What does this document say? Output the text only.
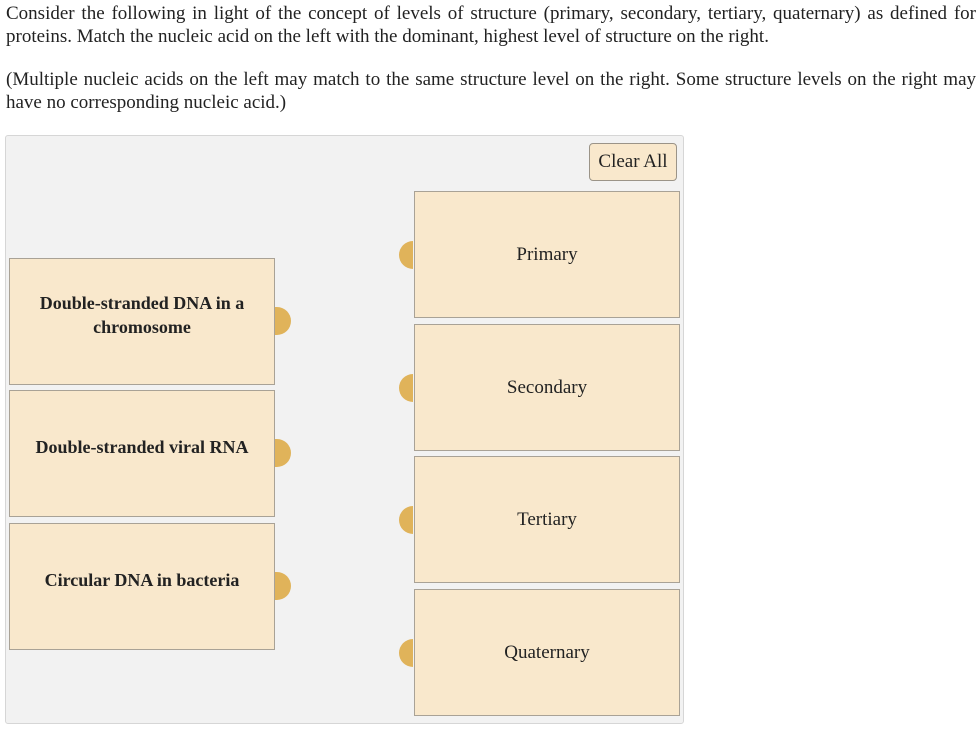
Consider the following in light of the concept of levels of structure (primary, secondary, tertiary, quaternary) as defined for proteins. Match the nucleic acid on the left with the dominant, highest level of structure on the right.

(Multiple nucleic acids on the left may match to the same structure level on the right. Some structure levels on the right may have no corresponding nucleic acid.)

Clear All
Double-stranded DNA in a chromosome
Double-stranded viral RNA
Circular DNA in bacteria
Primary
Secondary
Tertiary
Quaternary
